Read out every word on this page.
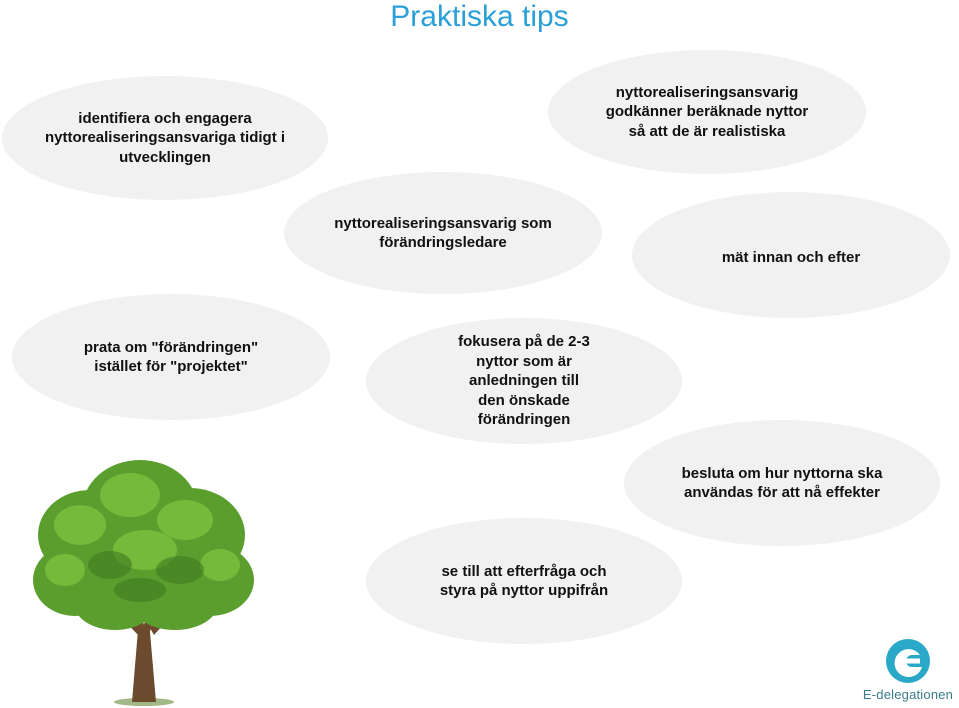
Praktiska tips
identifiera och engagera nyttorealiseringsansvariga tidigt i utvecklingen
nyttorealiseringsansvarig godkänner beräknade nyttor så att de är realistiska
nyttorealiseringsansvarig som förändringsledare
mät innan och efter
prata om "förändringen" istället för "projektet"
fokusera på de 2-3 nyttor som är anledningen till den önskade förändringen
besluta om hur nyttorna ska användas för att nå effekter
se till att efterfråga och styra på nyttor uppifrån
E-delegationen
